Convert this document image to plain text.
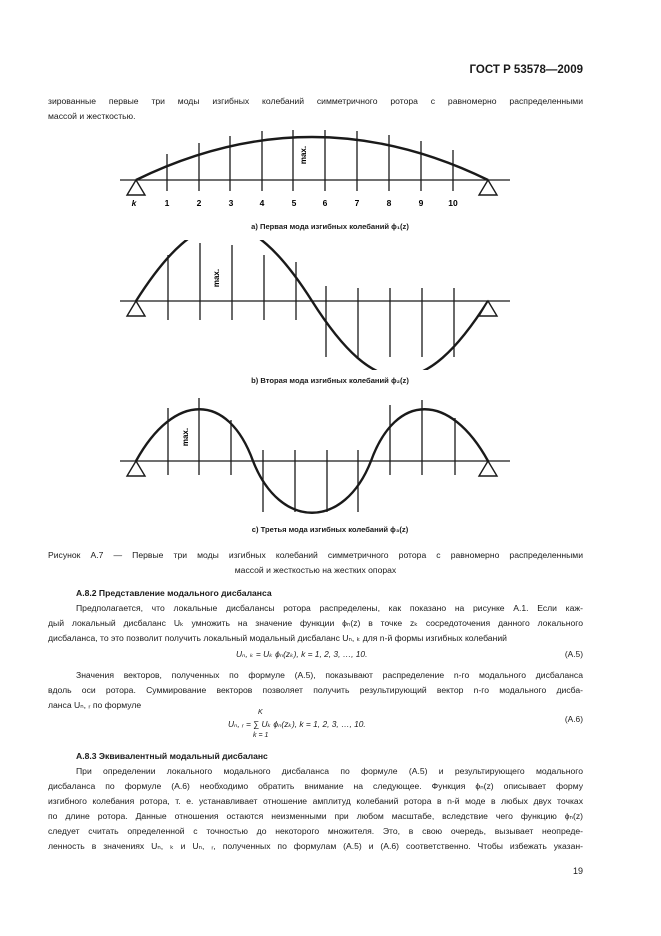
ГОСТ Р 53578—2009
зированные первые три моды изгибных колебаний симметричного ротора с равномерно распределенными
массой и жесткостью.
max.
k	1	2	3	4	5	6	7	8	9	10
а) Первая мода изгибных колебаний ϕ₁(z)
max.
b) Вторая мода изгибных колебаний ϕ₂(z)
max.
с) Третья мода изгибных колебаний ϕ₃(z)
Рисунок А.7 — Первые три моды изгибных колебаний симметричного ротора с равномерно распределенными
массой и жесткостью на жестких опорах
А.8.2 Представление модального дисбаланса
Предполагается, что локальные дисбалансы ротора распределены, как показано на рисунке А.1. Если каж-
дый локальный дисбаланс Uₖ умножить на значение функции ϕₙ(z) в точке zₖ сосредоточения данного локального
дисбаланса, то это позволит получить локальный модальный дисбаланс Uₙ, ₖ для n-й формы изгибных колебаний
Uₙ, ₖ = Uₖ ϕₙ(zₖ), k = 1, 2, 3, …, 10.	(А.5)
Значения векторов, полученных по формуле (А.5), показывают распределение n-го модального дисбаланса
вдоль оси ротора. Суммирование векторов позволяет получить результирующий вектор n-го модального дисба-
ланса Uₙ, ᵣ по формуле
K
Uₙ, ᵣ = ∑ Uₖ ϕₙ(zₖ), k = 1, 2, 3, …, 10.
k = 1
(А.6)
А.8.3 Эквивалентный модальный дисбаланс
При определении локального модального дисбаланса по формуле (А.5) и результирующего модального
дисбаланса по формуле (А.6) необходимо обратить внимание на следующее. Функция ϕₙ(z) описывает форму
изгибного колебания ротора, т. е. устанавливает отношение амплитуд колебаний ротора в n-й моде в любых двух точках
по длине ротора. Данные отношения остаются неизменными при любом масштабе, вследствие чего функцию ϕₙ(z)
следует считать определенной с точностью до некоторого множителя. Это, в свою очередь, вызывает неопреде-
ленность в значениях Uₙ, ₖ и Uₙ, ᵣ, полученных по формулам (А.5) и (А.6) соответственно. Чтобы избежать указан-
19
